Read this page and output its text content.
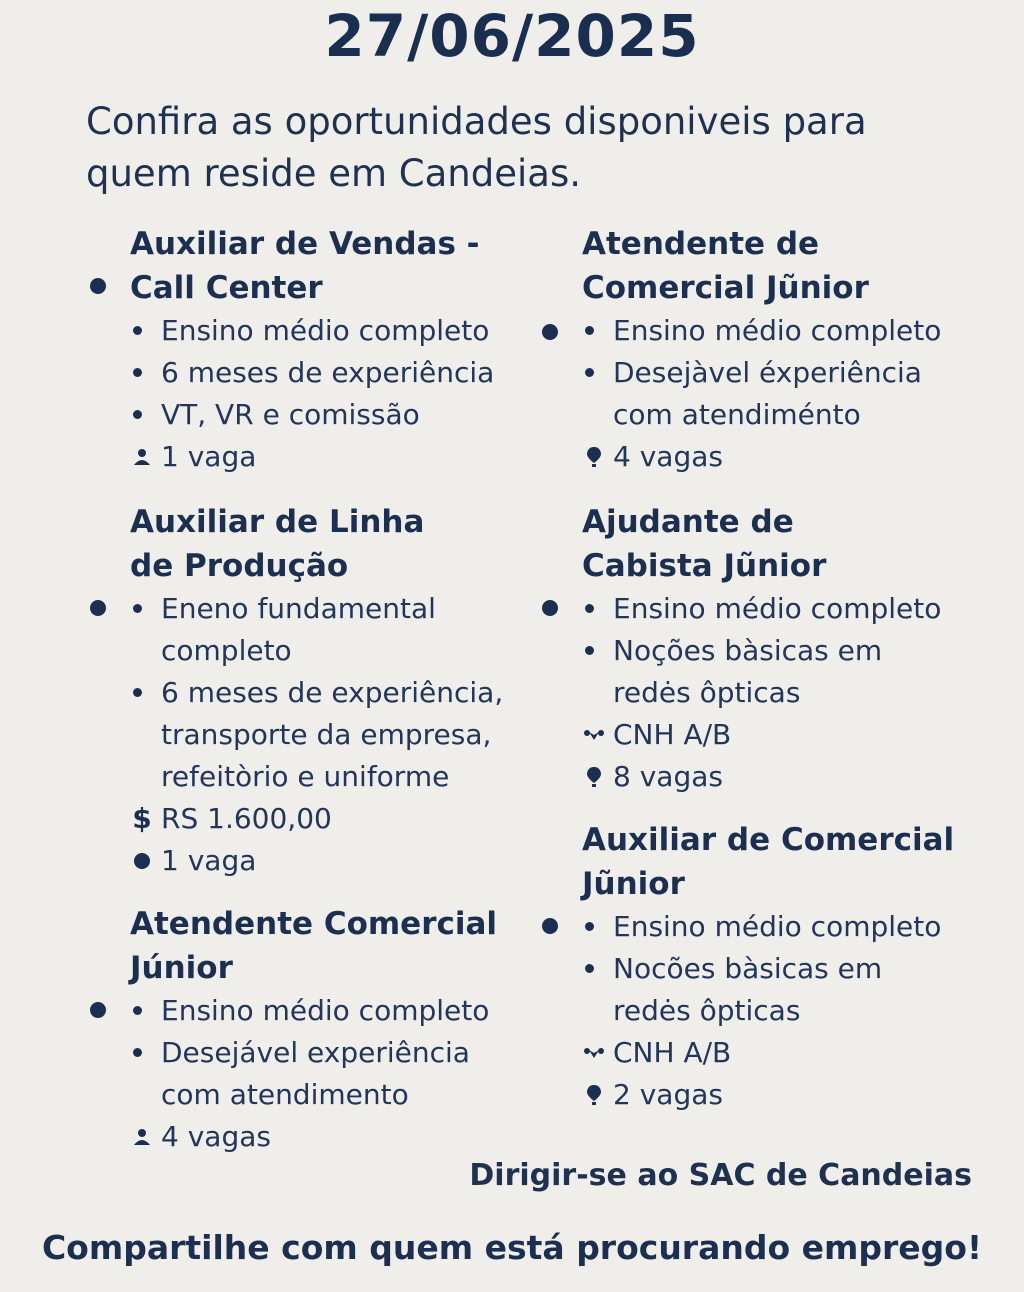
27/06/2025
Confira as oportunidades disponiveis para quem reside em Candeias.
Auxiliar de Vendas - Call Center
Ensino médio completo
6 meses de experiência
VT, VR e comissão
1 vaga
Auxiliar de Linha de Produção
Eneno fundamental completo
6 meses de experiência, transporte da empresa, refeitòrio e uniforme
$ RS 1.600,00
1 vaga
Atendente Comercial Júnior
Ensino médio completo
Desejável experiência com atendimento
4 vagas
Atendente de Comercial Jũnior
Ensino médio completo
Desejàvel éxperiência com atendiménto
4 vagas
Ajudante de Cabista Jũnior
Ensino médio completo
Noções bàsicas em redės ôpticas
CNH A/B
8 vagas
Auxiliar de Comercial Jũnior
Ensino médio completo
Nocões bàsicas em redės ôpticas
CNH A/B
2 vagas
Dirigir-se ao SAC de Candeias
Compartilhe com quem está procurando emprego!
